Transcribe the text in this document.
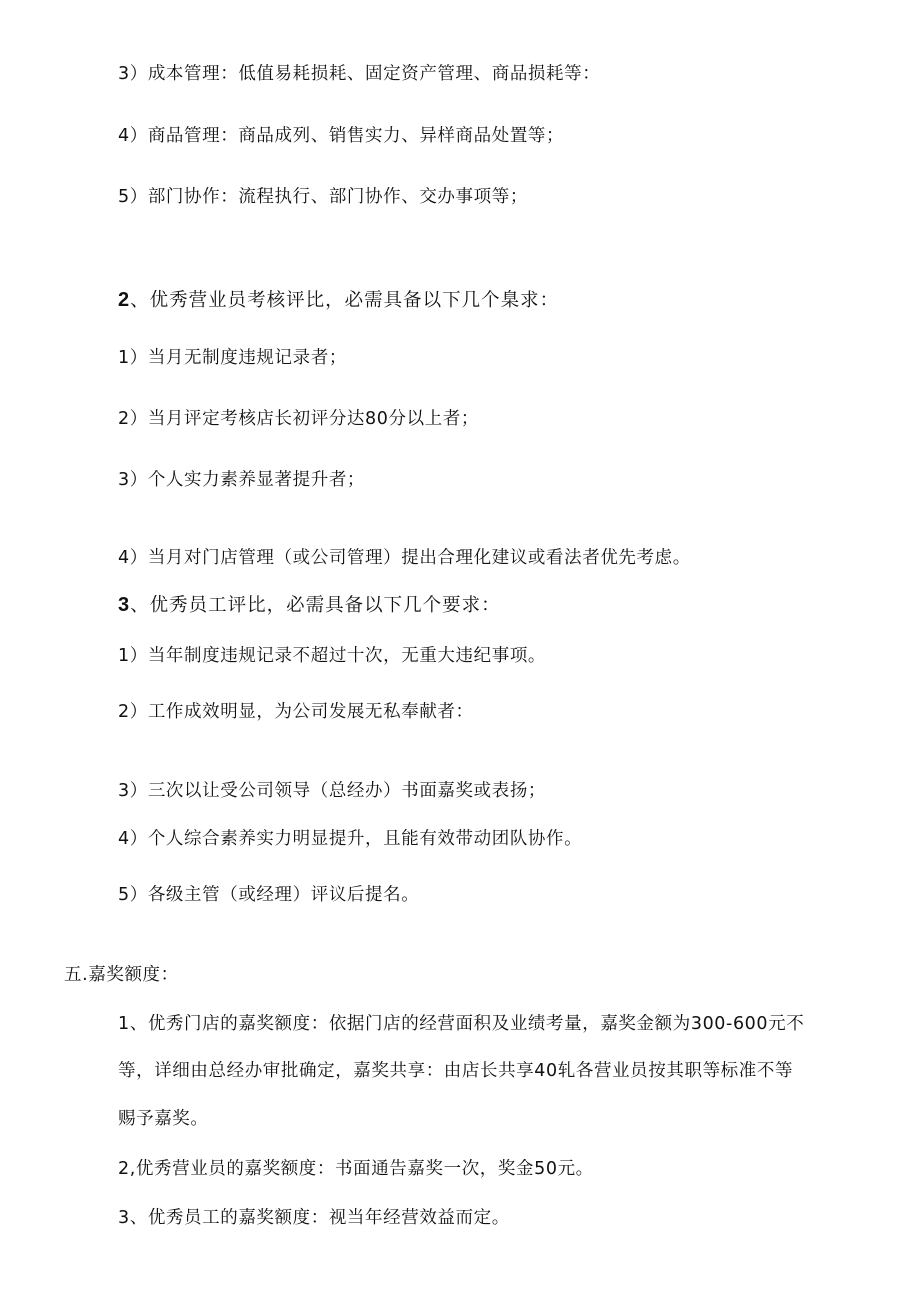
3）成本管理：低值易耗损耗、固定资产管理、商品损耗等：
4）商品管理：商品成列、销售实力、异样商品处置等；
5）部门协作：流程执行、部门协作、交办事项等；
2、优秀营业员考核评比，必需具备以下几个臬求：
1）当月无制度违规记录者；
2）当月评定考核店长初评分达80分以上者；
3）个人实力素养显著提升者；
4）当月对门店管理（或公司管理）提出合理化建议或看法者优先考虑。
3、优秀员工评比，必需具备以下几个要求：
1）当年制度违规记录不超过十次，无重大违纪事项。
2）工作成效明显，为公司发展无私奉献者：
3）三次以让受公司领导（总经办）书面嘉奖或表扬；
4）个人综合素养实力明显提升，且能有效带动团队协作。
5）各级主管（或经理）评议后提名。
五.嘉奖额度：
1、优秀门店的嘉奖额度：依据门店的经营面积及业绩考量，嘉奖金额为300-600元不
等，详细由总经办审批确定，嘉奖共享：由店长共享40轧各营业员按其职等标准不等
赐予嘉奖。
2,优秀营业员的嘉奖额度：书面通告嘉奖一次，奖金50元。
3、优秀员工的嘉奖额度：视当年经营效益而定。
